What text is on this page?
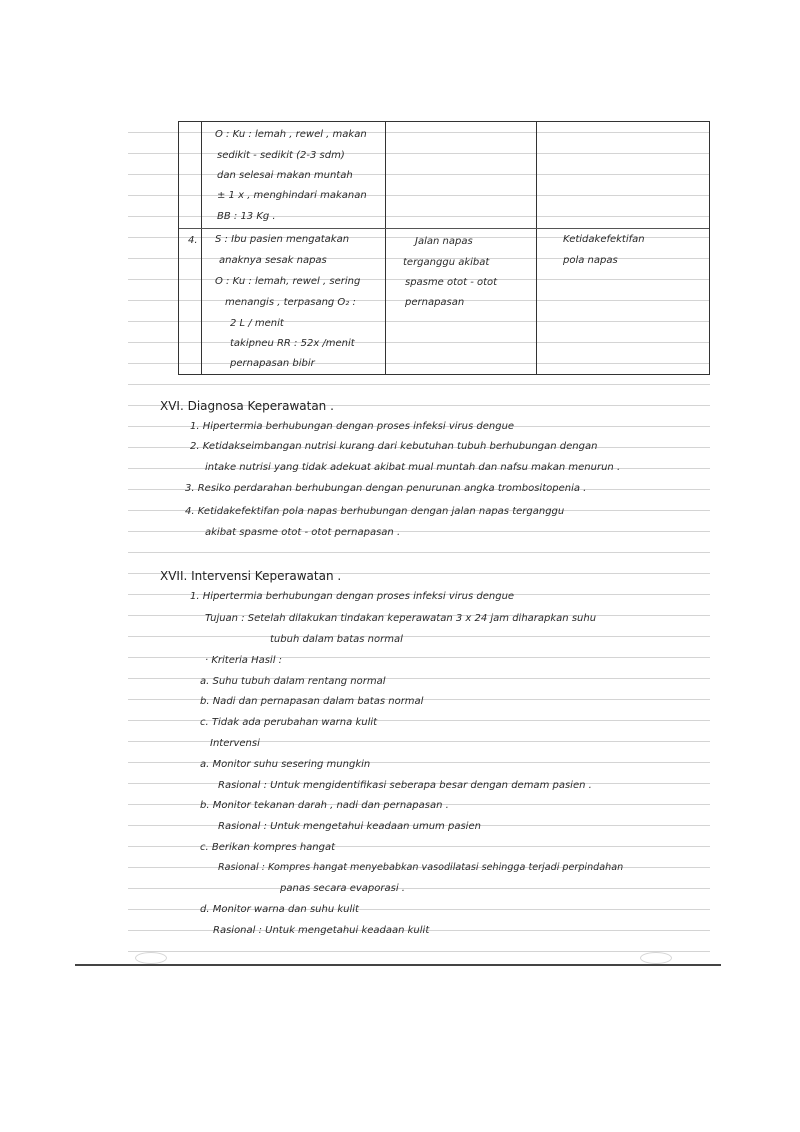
O : Ku : lemah , rewel , makan
sedikit - sedikit (2-3 sdm)
dan selesai makan muntah
± 1 x , menghindari makanan
BB : 13 Kg .
4. S : Ibu pasien mengatakan
anaknya sesak napas
O : Ku : lemah, rewel , sering
menangis , terpasang O₂ :
2 L / menit
takipneu RR : 52x /menit
pernapasan bibir
Jalan napas
terganggu akibat
spasme otot - otot
pernapasan
Ketidakefektifan
pola napas
XVI. Diagnosa Keperawatan .
1. Hipertermia berhubungan dengan proses infeksi virus dengue
2. Ketidakseimbangan nutrisi kurang dari kebutuhan tubuh berhubungan dengan
intake nutrisi yang tidak adekuat akibat mual muntah dan nafsu makan menurun .
3. Resiko perdarahan berhubungan dengan penurunan angka trombositopenia .
4. Ketidakefektifan pola napas berhubungan dengan jalan napas terganggu
akibat spasme otot - otot pernapasan .
XVII. Intervensi Keperawatan .
1. Hipertermia berhubungan dengan proses infeksi virus dengue
Tujuan : Setelah dilakukan tindakan keperawatan 3 x 24 jam diharapkan suhu
tubuh dalam batas normal
· Kriteria Hasil :
a. Suhu tubuh dalam rentang normal
b. Nadi dan pernapasan dalam batas normal
c. Tidak ada perubahan warna kulit
Intervensi
a. Monitor suhu sesering mungkin
Rasional : Untuk mengidentifikasi seberapa besar dengan demam pasien .
b. Monitor tekanan darah , nadi dan pernapasan .
Rasional : Untuk mengetahui keadaan umum pasien
c. Berikan kompres hangat
Rasional : Kompres hangat menyebabkan vasodilatasi sehingga terjadi perpindahan
panas secara evaporasi .
d. Monitor warna dan suhu kulit
Rasional : Untuk mengetahui keadaan kulit
